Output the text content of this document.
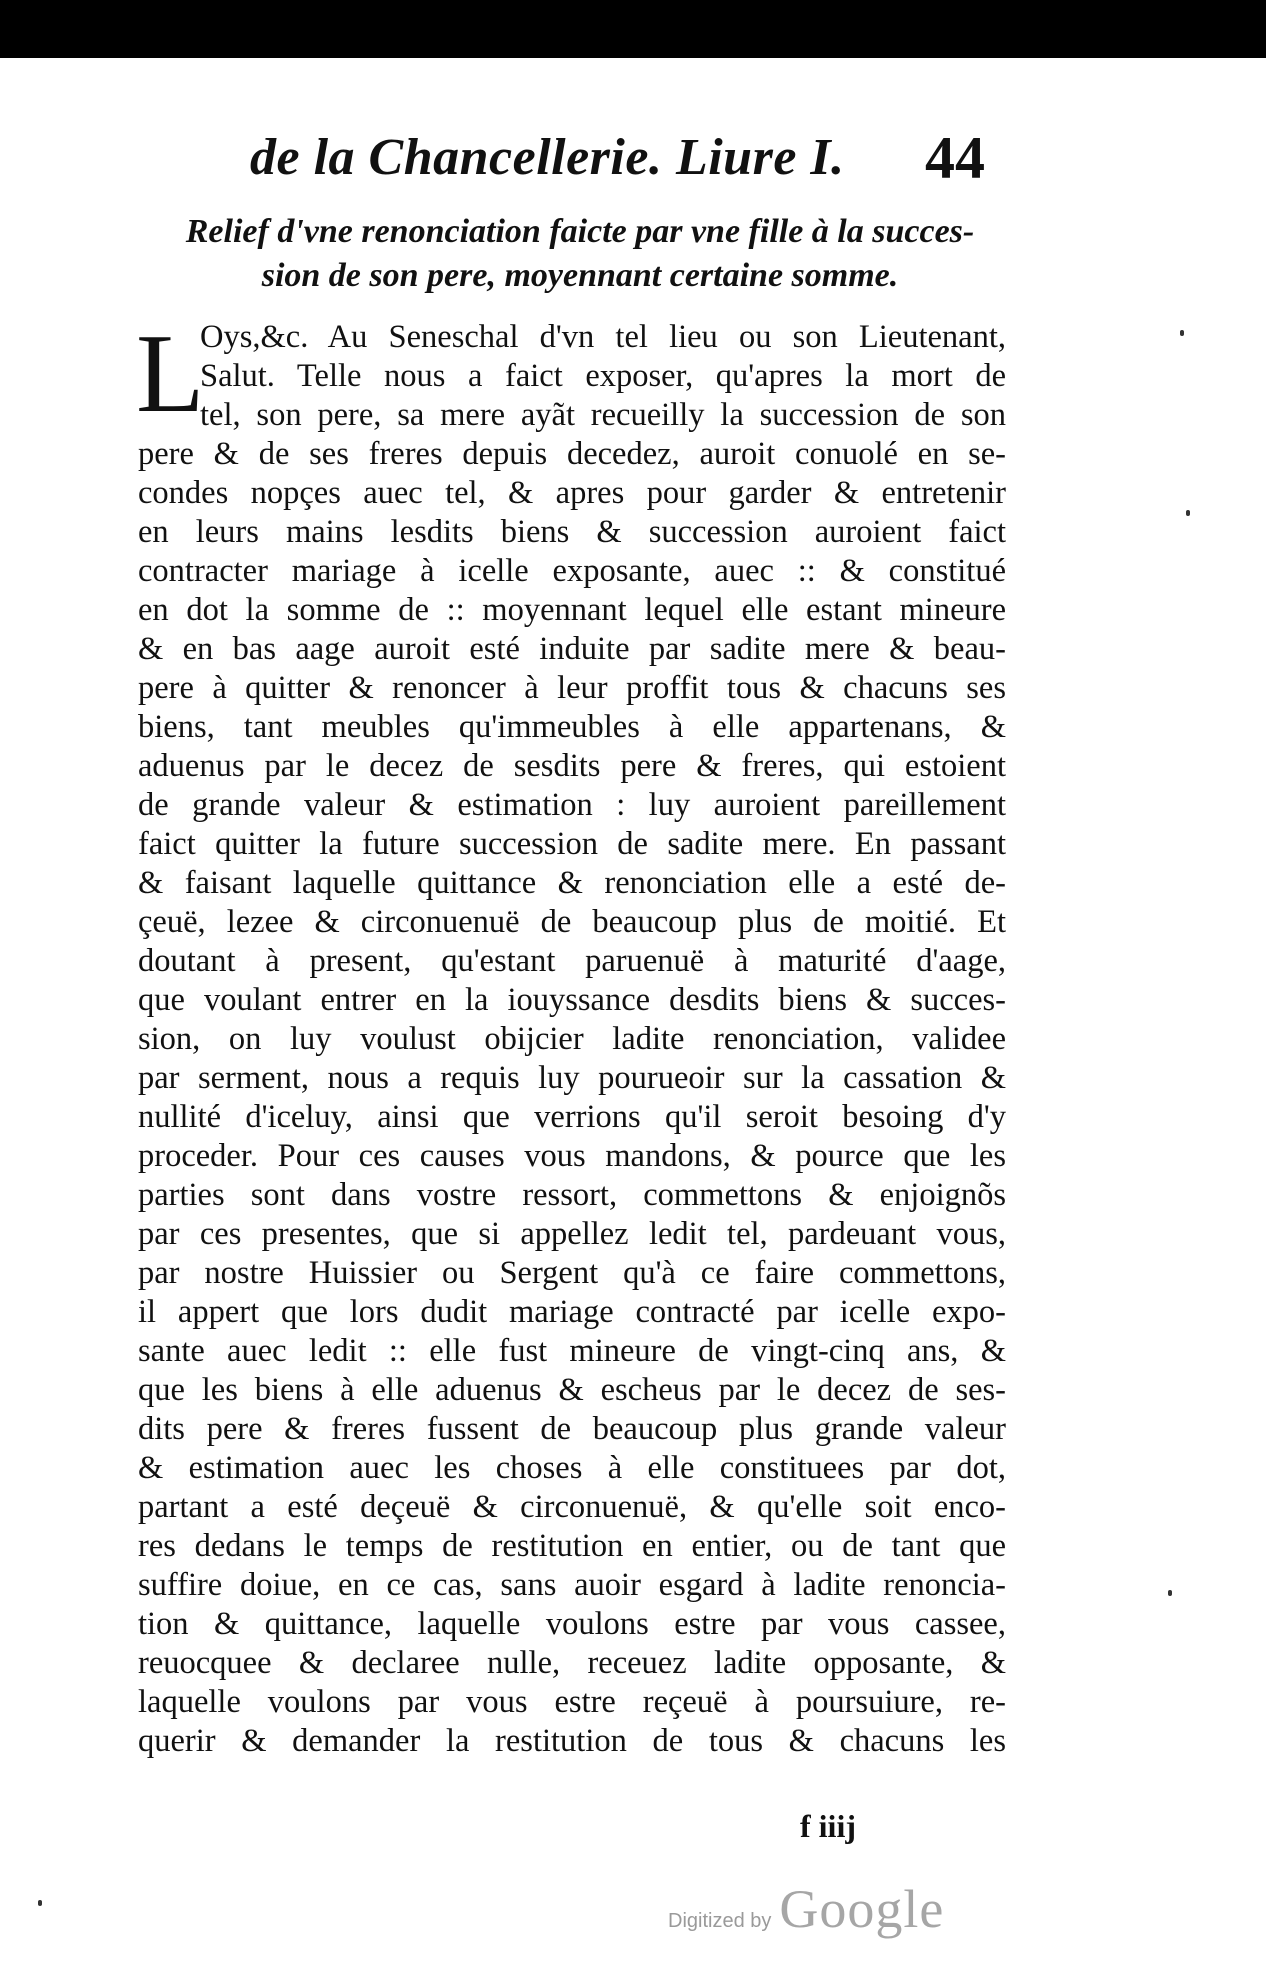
de la Chancellerie. Liure I. 44
Relief d'vne renonciation faicte par vne fille à la succes-
sion de son pere, moyennant certaine somme.
L
Oys,&c. Au Seneschal d'vn tel lieu ou son Lieutenant,
Salut. Telle nous a faict exposer, qu'apres la mort de
tel, son pere, sa mere ayãt recueilly la succession de son
pere & de ses freres depuis decedez, auroit conuolé en se-
condes nopçes auec tel, & apres pour garder & entretenir
en leurs mains lesdits biens & succession auroient faict
contracter mariage à icelle exposante, auec :: & constitué
en dot la somme de :: moyennant lequel elle estant mineure
& en bas aage auroit esté induite par sadite mere & beau-
pere à quitter & renoncer à leur proffit tous & chacuns ses
biens, tant meubles qu'immeubles à elle appartenans, &
aduenus par le decez de sesdits pere & freres, qui estoient
de grande valeur & estimation : luy auroient pareillement
faict quitter la future succession de sadite mere. En passant
& faisant laquelle quittance & renonciation elle a esté de-
çeuë, lezee & circonuenuë de beaucoup plus de moitié. Et
doutant à present, qu'estant paruenuë à maturité d'aage,
que voulant entrer en la iouyssance desdits biens & succes-
sion, on luy voulust obijcier ladite renonciation, validee
par serment, nous a requis luy pourueoir sur la cassation &
nullité d'iceluy, ainsi que verrions qu'il seroit besoing d'y
proceder. Pour ces causes vous mandons, & pource que les
parties sont dans vostre ressort, commettons & enjoignõs
par ces presentes, que si appellez ledit tel, pardeuant vous,
par nostre Huissier ou Sergent qu'à ce faire commettons,
il appert que lors dudit mariage contracté par icelle expo-
sante auec ledit :: elle fust mineure de vingt-cinq ans, &
que les biens à elle aduenus & escheus par le decez de ses-
dits pere & freres fussent de beaucoup plus grande valeur
& estimation auec les choses à elle constituees par dot,
partant a esté deçeuë & circonuenuë, & qu'elle soit enco-
res dedans le temps de restitution en entier, ou de tant que
suffire doiue, en ce cas, sans auoir esgard à ladite renoncia-
tion & quittance, laquelle voulons estre par vous cassee,
reuocquee & declaree nulle, receuez ladite opposante, &
laquelle voulons par vous estre reçeuë à poursuiure, re-
querir & demander la restitution de tous & chacuns les
f iiij
Digitized by Google
